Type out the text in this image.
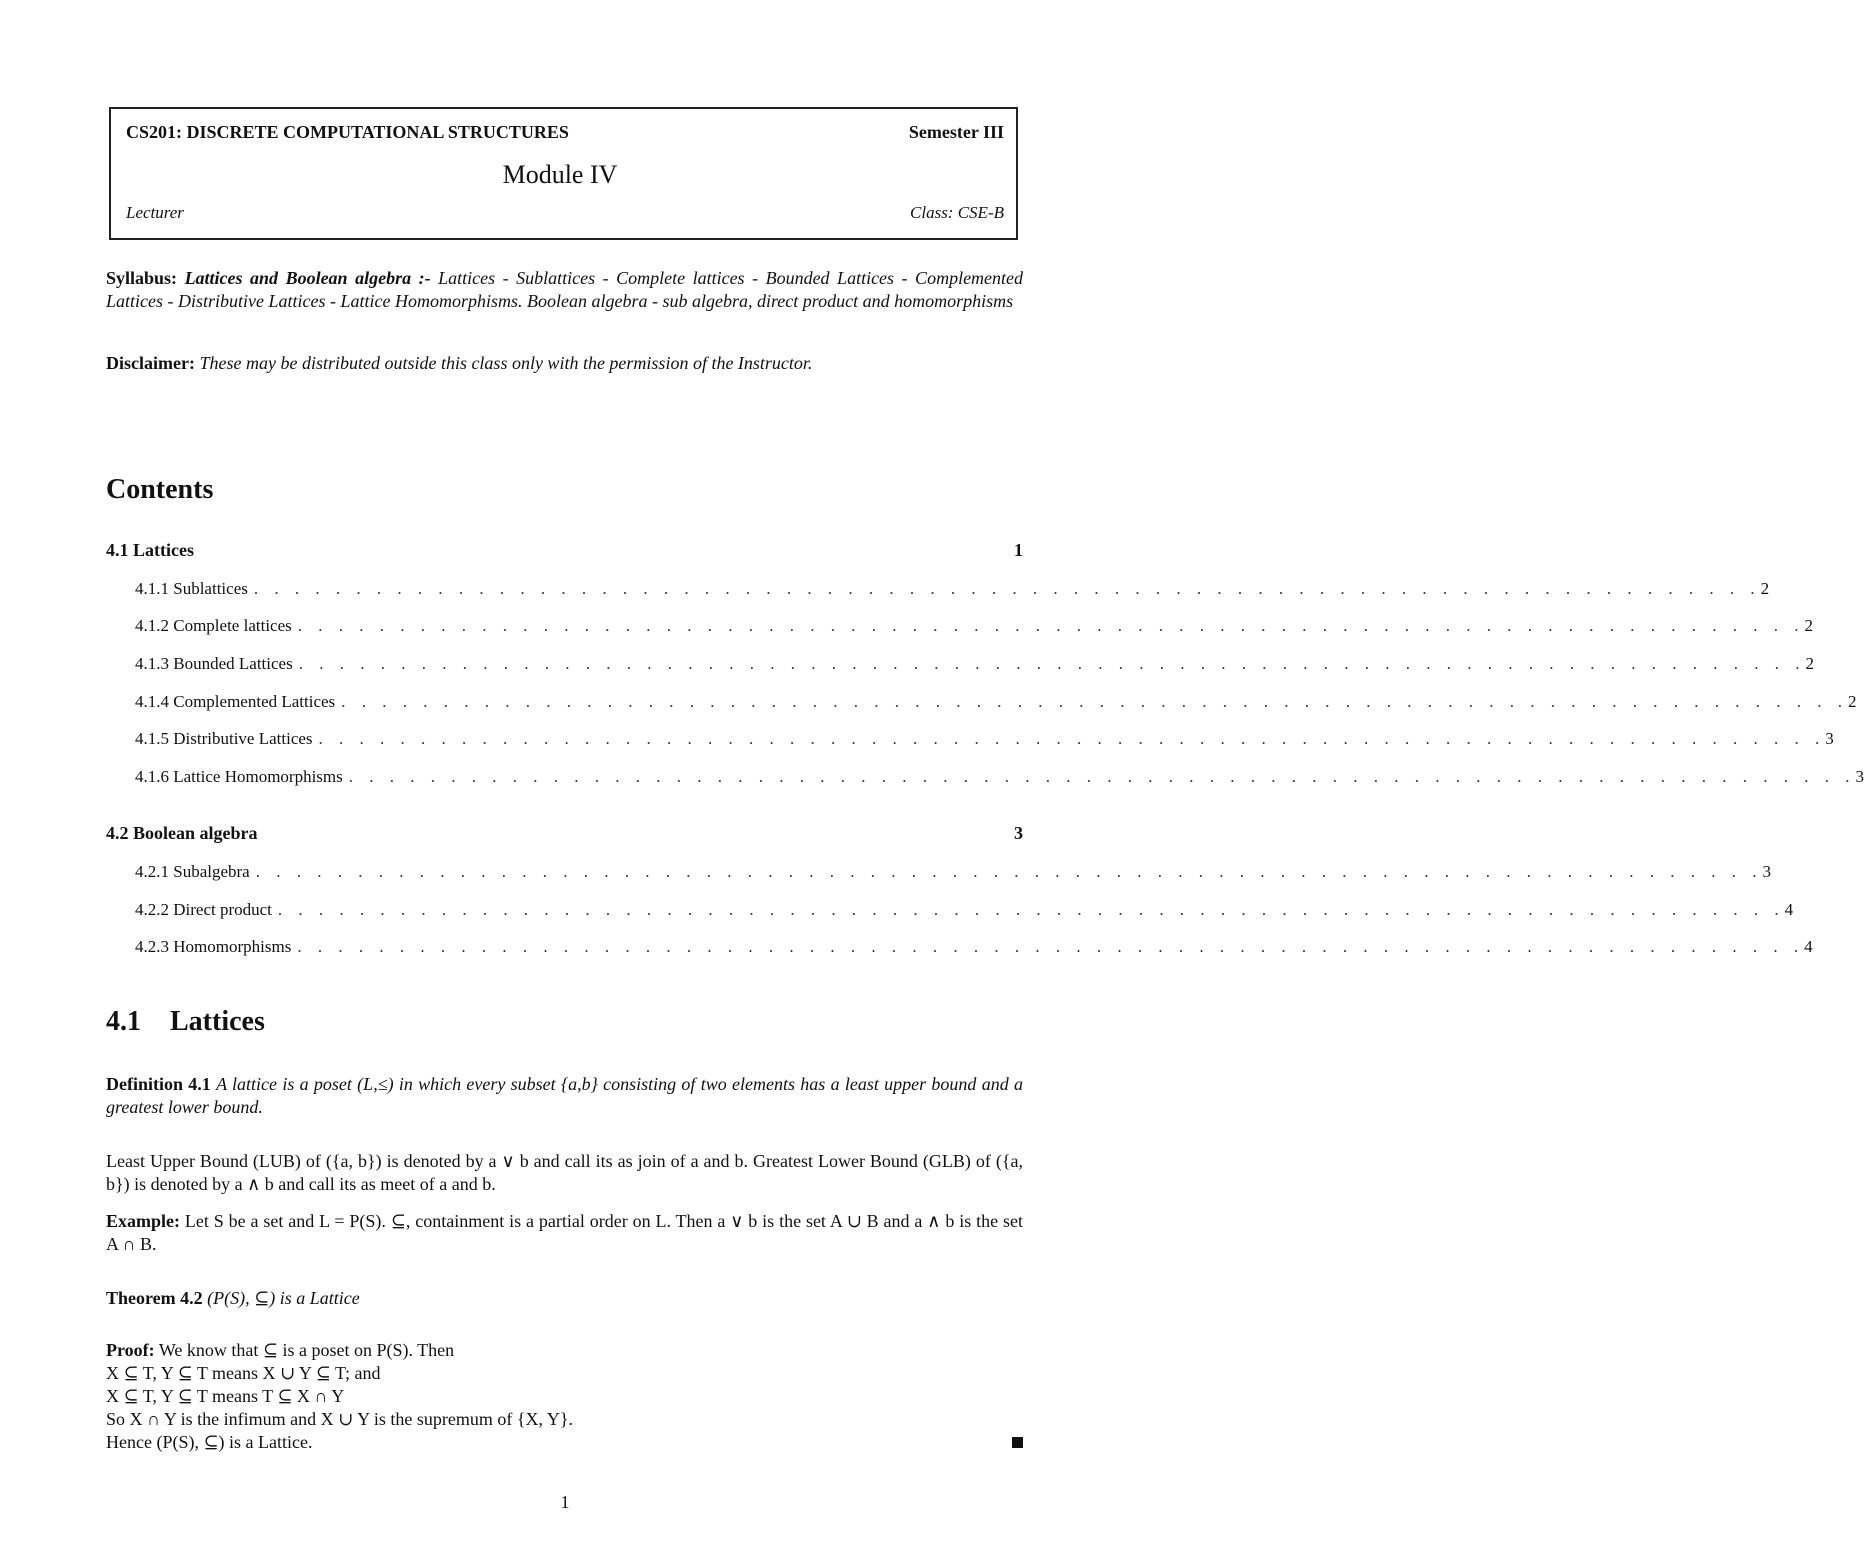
CS201: DISCRETE COMPUTATIONAL STRUCTURES	Semester III
Module IV
Lecturer	Class: CSE-B
Syllabus: Lattices and Boolean algebra :- Lattices - Sublattices - Complete lattices - Bounded Lattices - Complemented Lattices - Distributive Lattices - Lattice Homomorphisms. Boolean algebra - sub algebra, direct product and homomorphisms
Disclaimer: These may be distributed outside this class only with the permission of the Instructor.
Contents
4.1 Lattices	1
4.1.1 Sublattices . . . . . . . . . . . . . . . . . . . . . . . . . . . . . . . . . . . . . . . . . . . . . . . . . . . . . . . . . . . . . . . . . . . . . . . . . . 2
4.1.2 Complete lattices . . . . . . . . . . . . . . . . . . . . . . . . . . . . . . . . . . . . . . . . . . . . . . . . . . . . . . . . . . . . . . . . . . . . . . . . . . 2
4.1.3 Bounded Lattices . . . . . . . . . . . . . . . . . . . . . . . . . . . . . . . . . . . . . . . . . . . . . . . . . . . . . . . . . . . . . . . . . . . . . . . . . . 2
4.1.4 Complemented Lattices . . . . . . . . . . . . . . . . . . . . . . . . . . . . . . . . . . . . . . . . . . . . . . . . . . . . . . . . . . . . . . . . . . . . . . . . . . 2
4.1.5 Distributive Lattices . . . . . . . . . . . . . . . . . . . . . . . . . . . . . . . . . . . . . . . . . . . . . . . . . . . . . . . . . . . . . . . . . . . . . . . . . . 3
4.1.6 Lattice Homomorphisms . . . . . . . . . . . . . . . . . . . . . . . . . . . . . . . . . . . . . . . . . . . . . . . . . . . . . . . . . . . . . . . . . . . . . . . . . . 3
4.2 Boolean algebra	3
4.2.1 Subalgebra . . . . . . . . . . . . . . . . . . . . . . . . . . . . . . . . . . . . . . . . . . . . . . . . . . . . . . . . . . . . . . . . . . . . . . . . . . 3
4.2.2 Direct product . . . . . . . . . . . . . . . . . . . . . . . . . . . . . . . . . . . . . . . . . . . . . . . . . . . . . . . . . . . . . . . . . . . . . . . . . . 4
4.2.3 Homomorphisms . . . . . . . . . . . . . . . . . . . . . . . . . . . . . . . . . . . . . . . . . . . . . . . . . . . . . . . . . . . . . . . . . . . . . . . . . . 4
4.1 Lattices
Definition 4.1 A lattice is a poset (L,≤) in which every subset {a,b} consisting of two elements has a least upper bound and a greatest lower bound.
Least Upper Bound (LUB) of ({a, b}) is denoted by a ∨ b and call its as join of a and b. Greatest Lower Bound (GLB) of ({a, b}) is denoted by a ∧ b and call its as meet of a and b.
Example: Let S be a set and L = P(S). ⊆, containment is a partial order on L. Then a ∨ b is the set A ∪ B and a ∧ b is the set A ∩ B.
Theorem 4.2 (P(S), ⊆) is a Lattice
Proof: We know that ⊆ is a poset on P(S). Then
X ⊆ T, Y ⊆ T means X ∪ Y ⊆ T; and
X ⊆ T, Y ⊆ T means T ⊆ X ∩ Y
So X ∩ Y is the infimum and X ∪ Y is the supremum of {X, Y}.
Hence (P(S), ⊆) is a Lattice.
1
